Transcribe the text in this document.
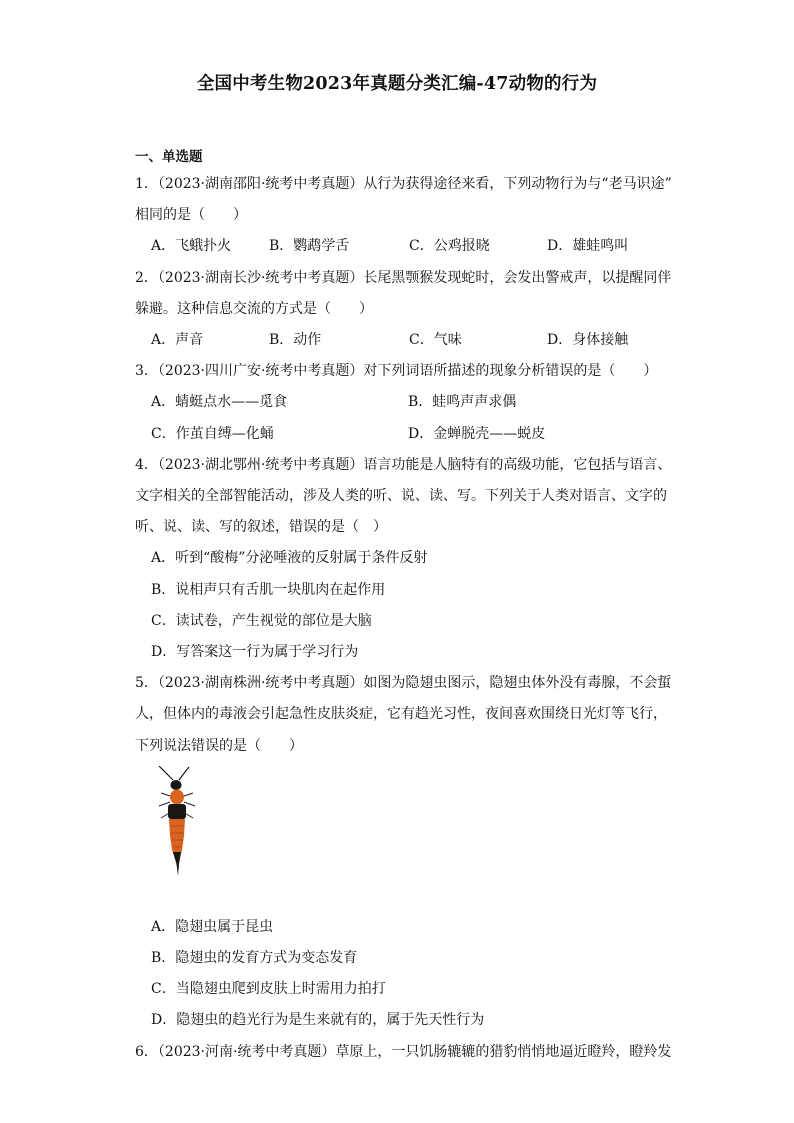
全国中考生物2023年真题分类汇编-47动物的行为
一、单选题
1．（2023·湖南邵阳·统考中考真题）从行为获得途径来看，下列动物行为与“老马识途”
相同的是（　　）
A．飞蛾扑火	B．鹦鹉学舌	C．公鸡报晓	D．雄蛙鸣叫
2．（2023·湖南长沙·统考中考真题）长尾黑颚猴发现蛇时，会发出警戒声，以提醒同伴
躲避。这种信息交流的方式是（　　）
A．声音	B．动作	C．气味	D．身体接触
3．（2023·四川广安·统考中考真题）对下列词语所描述的现象分析错误的是（　　）
A．蜻蜓点水——觅食	B．蛙鸣声声求偶
C．作茧自缚—化蛹	D．金蝉脱壳——蜕皮
4．（2023·湖北鄂州·统考中考真题）语言功能是人脑特有的高级功能，它包括与语言、
文字相关的全部智能活动，涉及人类的听、说、读、写。下列关于人类对语言、文字的
听、说、读、写的叙述，错误的是（　）
A．听到“酸梅”分泌唾液的反射属于条件反射
B．说相声只有舌肌一块肌肉在起作用
C．读试卷，产生视觉的部位是大脑
D．写答案这一行为属于学习行为
5．（2023·湖南株洲·统考中考真题）如图为隐翅虫图示，隐翅虫体外没有毒腺，不会蜇
人，但体内的毒液会引起急性皮肤炎症，它有趋光习性，夜间喜欢围绕日光灯等飞行，
下列说法错误的是（　　）
A．隐翅虫属于昆虫
B．隐翅虫的发育方式为变态发育
C．当隐翅虫爬到皮肤上时需用力拍打
D．隐翅虫的趋光行为是生来就有的，属于先天性行为
6．（2023·河南·统考中考真题）草原上，一只饥肠辘辘的猎豹悄悄地逼近瞪羚，瞪羚发
